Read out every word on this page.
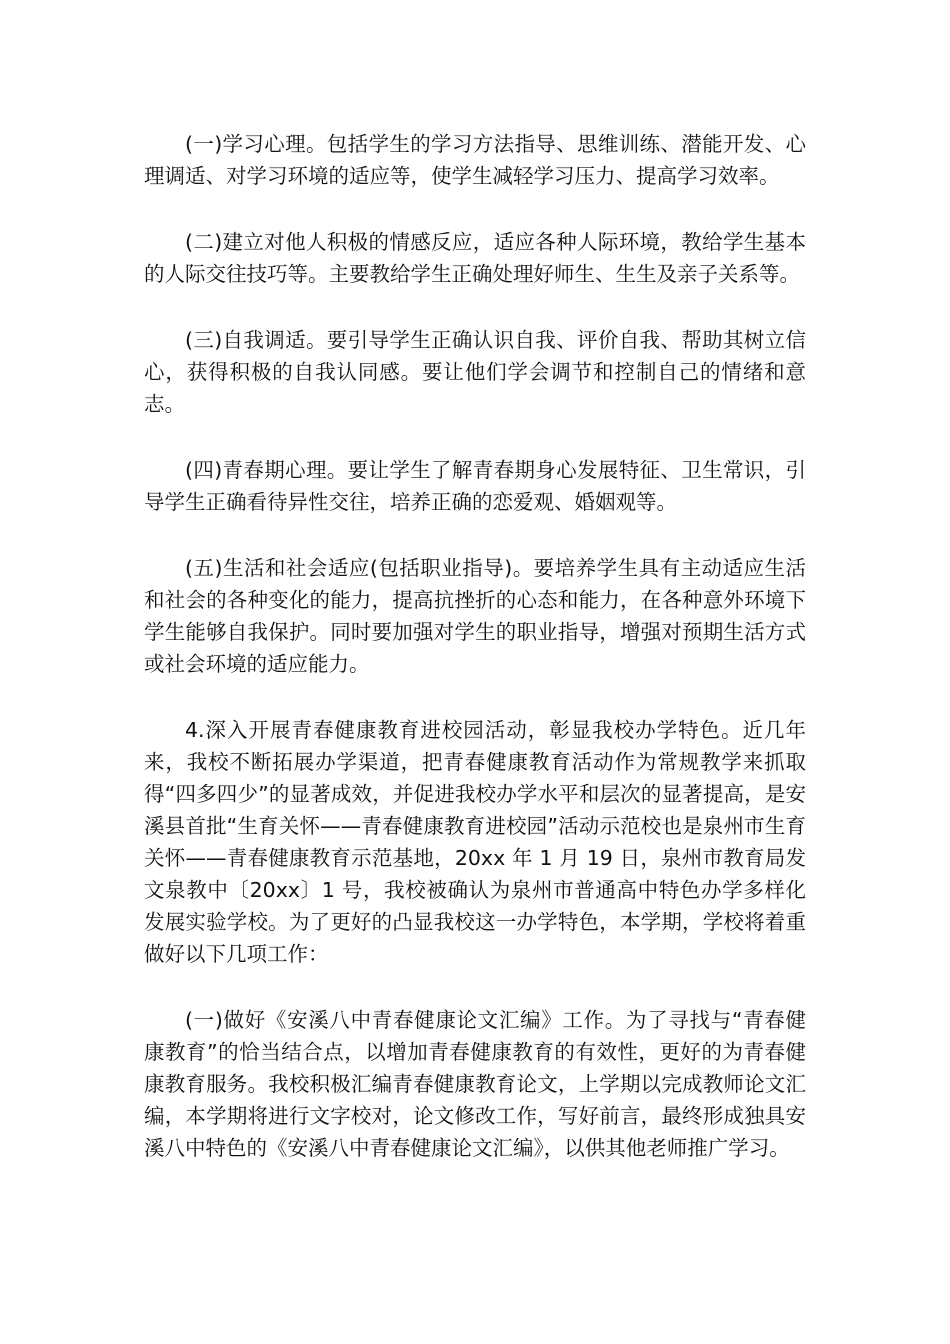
(一)学习心理。包括学生的学习方法指导、思维训练、潜能开发、心理调适、对学习环境的适应等，使学生减轻学习压力、提高学习效率。

(二)建立对他人积极的情感反应，适应各种人际环境，教给学生基本的人际交往技巧等。主要教给学生正确处理好师生、生生及亲子关系等。

(三)自我调适。要引导学生正确认识自我、评价自我、帮助其树立信心，获得积极的自我认同感。要让他们学会调节和控制自己的情绪和意志。

(四)青春期心理。要让学生了解青春期身心发展特征、卫生常识，引导学生正确看待异性交往，培养正确的恋爱观、婚姻观等。

(五)生活和社会适应(包括职业指导)。要培养学生具有主动适应生活和社会的各种变化的能力，提高抗挫折的心态和能力，在各种意外环境下学生能够自我保护。同时要加强对学生的职业指导，增强对预期生活方式或社会环境的适应能力。

4.深入开展青春健康教育进校园活动，彰显我校办学特色。近几年来，我校不断拓展办学渠道，把青春健康教育活动作为常规教学来抓取得“四多四少”的显著成效，并促进我校办学水平和层次的显著提高，是安溪县首批“生育关怀——青春健康教育进校园”活动示范校也是泉州市生育关怀——青春健康教育示范基地，20xx 年 1 月 19 日，泉州市教育局发文泉教中〔20xx〕1 号，我校被确认为泉州市普通高中特色办学多样化发展实验学校。为了更好的凸显我校这一办学特色，本学期，学校将着重做好以下几项工作：

(一)做好《安溪八中青春健康论文汇编》工作。为了寻找与“青春健康教育”的恰当结合点，以增加青春健康教育的有效性，更好的为青春健康教育服务。我校积极汇编青春健康教育论文，上学期以完成教师论文汇编，本学期将进行文字校对，论文修改工作，写好前言，最终形成独具安溪八中特色的《安溪八中青春健康论文汇编》，以供其他老师推广学习。
